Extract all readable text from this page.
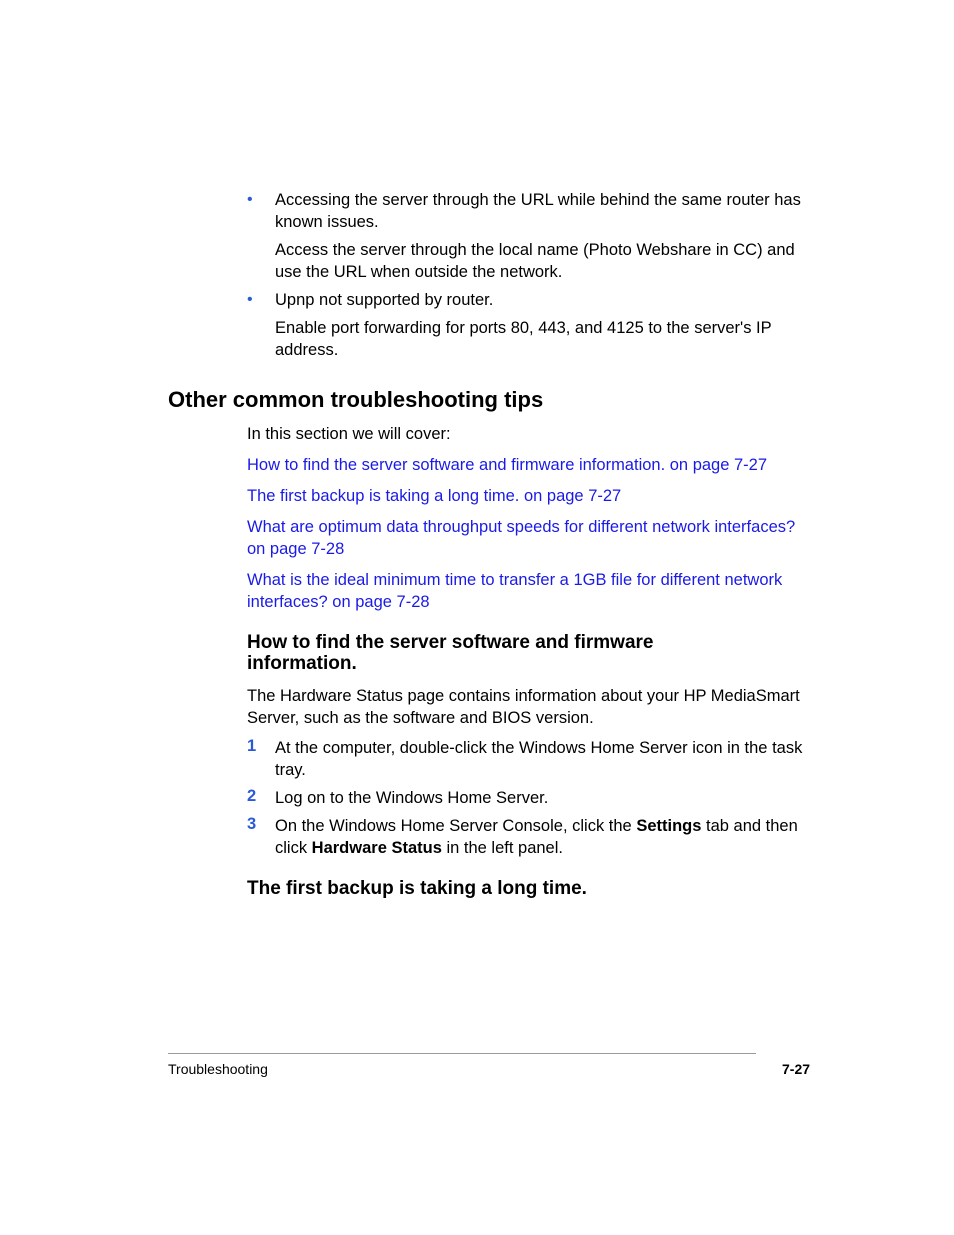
• Accessing the server through the URL while behind the same router has known issues.
Access the server through the local name (Photo Webshare in CC) and use the URL when outside the network.
• Upnp not supported by router.
Enable port forwarding for ports 80, 443, and 4125 to the server's IP address.
Other common troubleshooting tips
In this section we will cover:
How to find the server software and firmware information. on page 7-27
The first backup is taking a long time. on page 7-27
What are optimum data throughput speeds for different network interfaces? on page 7-28
What is the ideal minimum time to transfer a 1GB file for different network interfaces? on page 7-28
How to find the server software and firmware information.
The Hardware Status page contains information about your HP MediaSmart Server, such as the software and BIOS version.
1 At the computer, double-click the Windows Home Server icon in the task tray.
2 Log on to the Windows Home Server.
3 On the Windows Home Server Console, click the Settings tab and then click Hardware Status in the left panel.
The first backup is taking a long time.
Troubleshooting	7-27
